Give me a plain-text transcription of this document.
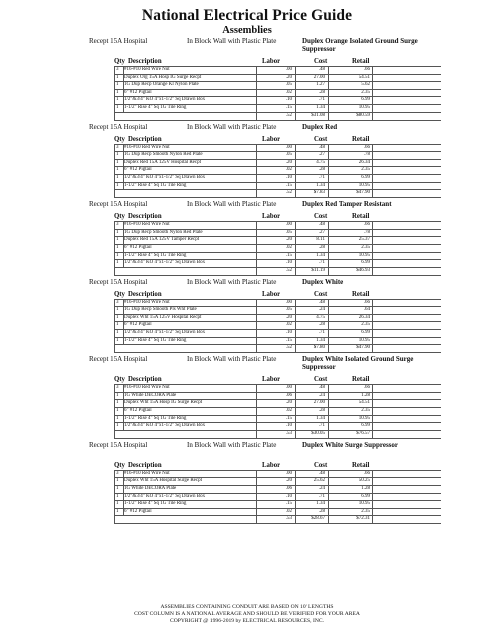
National Electrical Price Guide
Assemblies
Recept 15A Hospital	In Block Wall with Plastic Plate	Duplex Orange Isolated Ground Surge Suppressor
Qty Description	Labor	Cost	Retail
3 #16-#10 Red Wire Nut	.00	.48	.66
1 Duplex Org 15A Hosp IG Surge Recpt	.20	27.00	54.51
1 1G Dup Recp Orange Kl Nylon Plate	.05	1.27	5.62
1 6" #12 Pigtail	.02	.28	2.35
1 1/2"&3/4" KO 4"x1-1/2" Sq Drawn Box	.10	.71	6.99
1 1-1/2" Rise 4" Sq 1G Tile Ring	.15	1.34	10.95
.52	$31.08	$80.59
Recept 15A Hospital	In Block Wall with Plastic Plate	Duplex Red
Qty Description	Labor	Cost	Retail
3 #16-#10 Red Wire Nut	.00	.48	.66
1 1G Dup Recp Smooth Nylon Red Plate	.05	.27	.78
1 Duplex Red 15A 125V Hospital Recpt	.20	4.75	26.34
1 6" #12 Pigtail	.02	.28	2.35
1 1/2"&3/4" KO 4"x1-1/2" Sq Drawn Box	.10	.71	6.99
1 1-1/2" Rise 4" Sq 1G Tile Ring	.15	1.34	10.95
.52	$7.83	$47.90
Recept 15A Hospital	In Block Wall with Plastic Plate	Duplex Red Tamper Resistant
Qty Description	Labor	Cost	Retail
3 #16-#10 Red Wire Nut	.00	.48	.66
1 1G Dup Recp Smooth Nylon Red Plate	.05	.27	.78
1 Duplex Red 15A 125V Tamper Recpt	.20	8.11	25.37
1 6" #12 Pigtail	.02	.28	2.35
1 1-1/2" Rise 4" Sq 1G Tile Ring	.15	1.34	10.95
1 1/2"&3/4" KO 4"x1-1/2" Sq Drawn Box	.10	.71	6.99
.52	$11.19	$46.93
Recept 15A Hospital	In Block Wall with Plastic Plate	Duplex White
Qty Description	Labor	Cost	Retail
3 #16-#10 Red Wire Nut	.00	.48	.66
1 1G Dup Recp Smooth Pls Wht Plate	.05	.24	.64
1 Duplex Wht 15A 125V Hospital Recpt	.20	4.75	26.34
1 6" #12 Pigtail	.02	.28	2.35
1 1/2"&3/4" KO 4"x1-1/2" Sq Drawn Box	.10	.71	6.99
1 1-1/2" Rise 4" Sq 1G Tile Ring	.15	1.34	10.95
.52	$7.80	$47.90
Recept 15A Hospital	In Block Wall with Plastic Plate	Duplex White Isolated Ground Surge Suppressor
Qty Description	Labor	Cost	Retail
3 #16-#10 Red Wire Nut	.00	.48	.66
1 1G White DECORA Plate	.06	.24	1.28
1 Duplex Wht 15A Hosp IG Surge Recpt	.20	27.00	54.51
1 6" #12 Pigtail	.02	.28	2.35
1 1-1/2" Rise 4" Sq 1G Tile Ring	.15	1.34	10.95
1 1/2"&3/4" KO 4"x1-1/2" Sq Drawn Box	.10	.71	6.99
.53	$30.05	$76.57
Recept 15A Hospital	In Block Wall with Plastic Plate	Duplex White Surge Suppressor
Qty Description	Labor	Cost	Retail
3 #16-#10 Red Wire Nut	.00	.48	.66
1 Duplex Wht 15A Hospital Surge Recpt	.20	25.62	50.25
1 1G White DECORA Plate	.06	.24	1.28
1 1/2"&3/4" KO 4"x1-1/2" Sq Drawn Box	.10	.71	6.99
1 1-1/2" Rise 4" Sq 1G Tile Ring	.15	1.34	10.95
1 6" #12 Pigtail	.02	.28	2.35
.53	$28.67	$72.31
ASSEMBLIES CONTAINING CONDUIT ARE BASED ON 10' LENGTHS
COST COLUMN IS A NATIONAL AVERAGE AND SHOULD BE VERIFIED FOR YOUR AREA
COPYRIGHT @ 1996-2019 by ELECTRICAL RESOURCES, INC.
